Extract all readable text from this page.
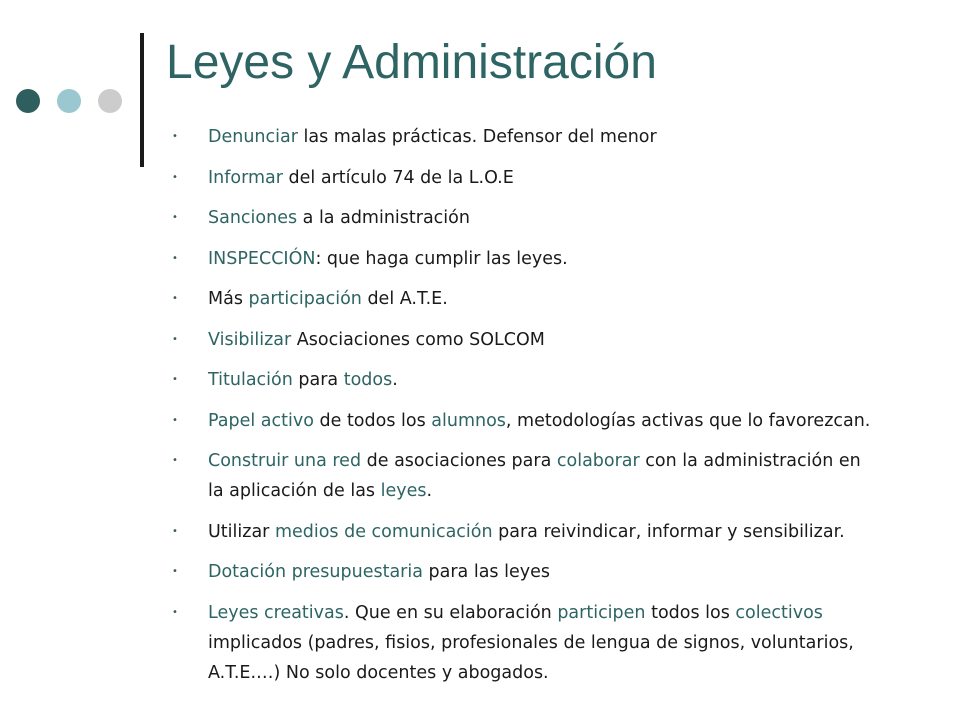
Leyes y Administración
• Denunciar las malas prácticas. Defensor del menor
• Informar del artículo 74 de la L.O.E
• Sanciones a la administración
• INSPECCIÓN: que haga cumplir las leyes.
• Más participación del A.T.E.
• Visibilizar Asociaciones como SOLCOM
• Titulación para todos.
• Papel activo de todos los alumnos, metodologías activas que lo favorezcan.
• Construir una red de asociaciones para colaborar con la administración en
la aplicación de las leyes.
• Utilizar medios de comunicación para reivindicar, informar y sensibilizar.
• Dotación presupuestaria para las leyes
• Leyes creativas. Que en su elaboración participen todos los colectivos
implicados (padres, fisios, profesionales de lengua de signos, voluntarios,
A.T.E.…) No solo docentes y abogados.
